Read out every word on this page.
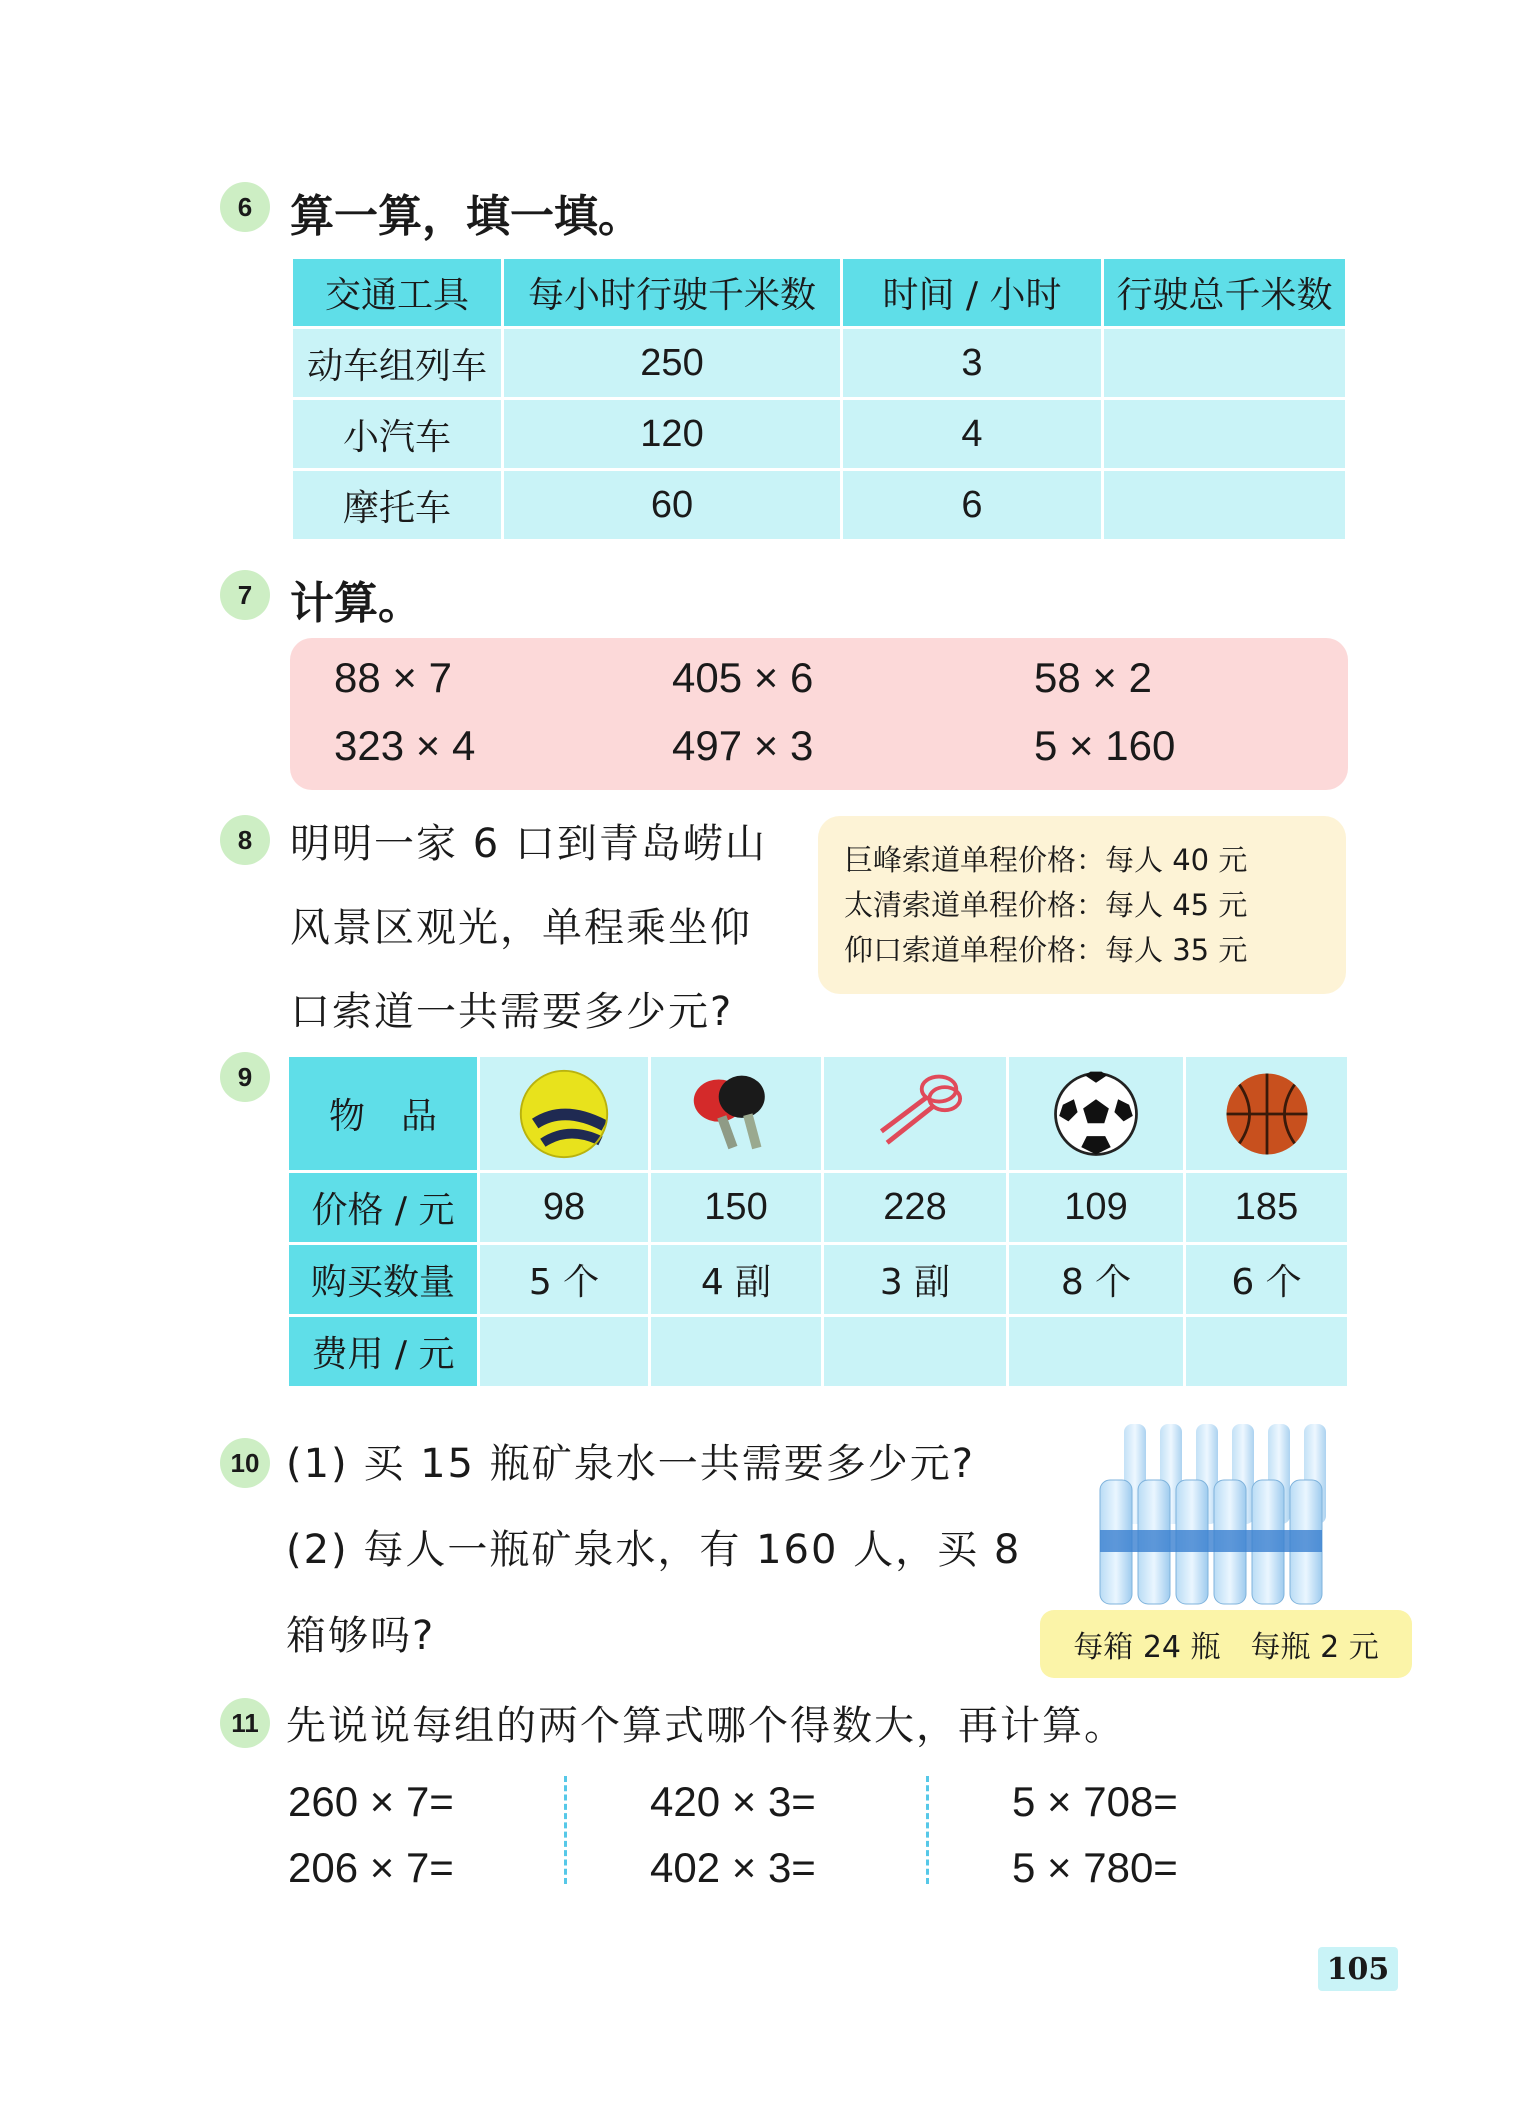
6 算一算，填一填。
交通工具	每小时行驶千米数	时间 / 小时	行驶总千米数
动车组列车	250	3	
小汽车	120	4	
摩托车	60	6	
7 计算。
88 × 7	405 × 6	58 × 2
323 × 4	497 × 3	5 × 160
8 明明一家 6 口到青岛崂山
风景区观光，单程乘坐仰
口索道一共需要多少元?
巨峰索道单程价格：每人 40 元
太清索道单程价格：每人 45 元
仰口索道单程价格：每人 35 元
9
物　品	

价格 / 元	98	150	228	109	185
购买数量	5 个	4 副	3 副	8 个	6 个
费用 / 元					
10 (1) 买 15 瓶矿泉水一共需要多少元?
(2) 每人一瓶矿泉水，有 160 人，买 8
箱够吗?	每箱 24 瓶　每瓶 2 元
11 先说说每组的两个算式哪个得数大，再计算。
260 × 7=	420 × 3=	5 × 708=
206 × 7=	402 × 3=	5 × 780=
105
